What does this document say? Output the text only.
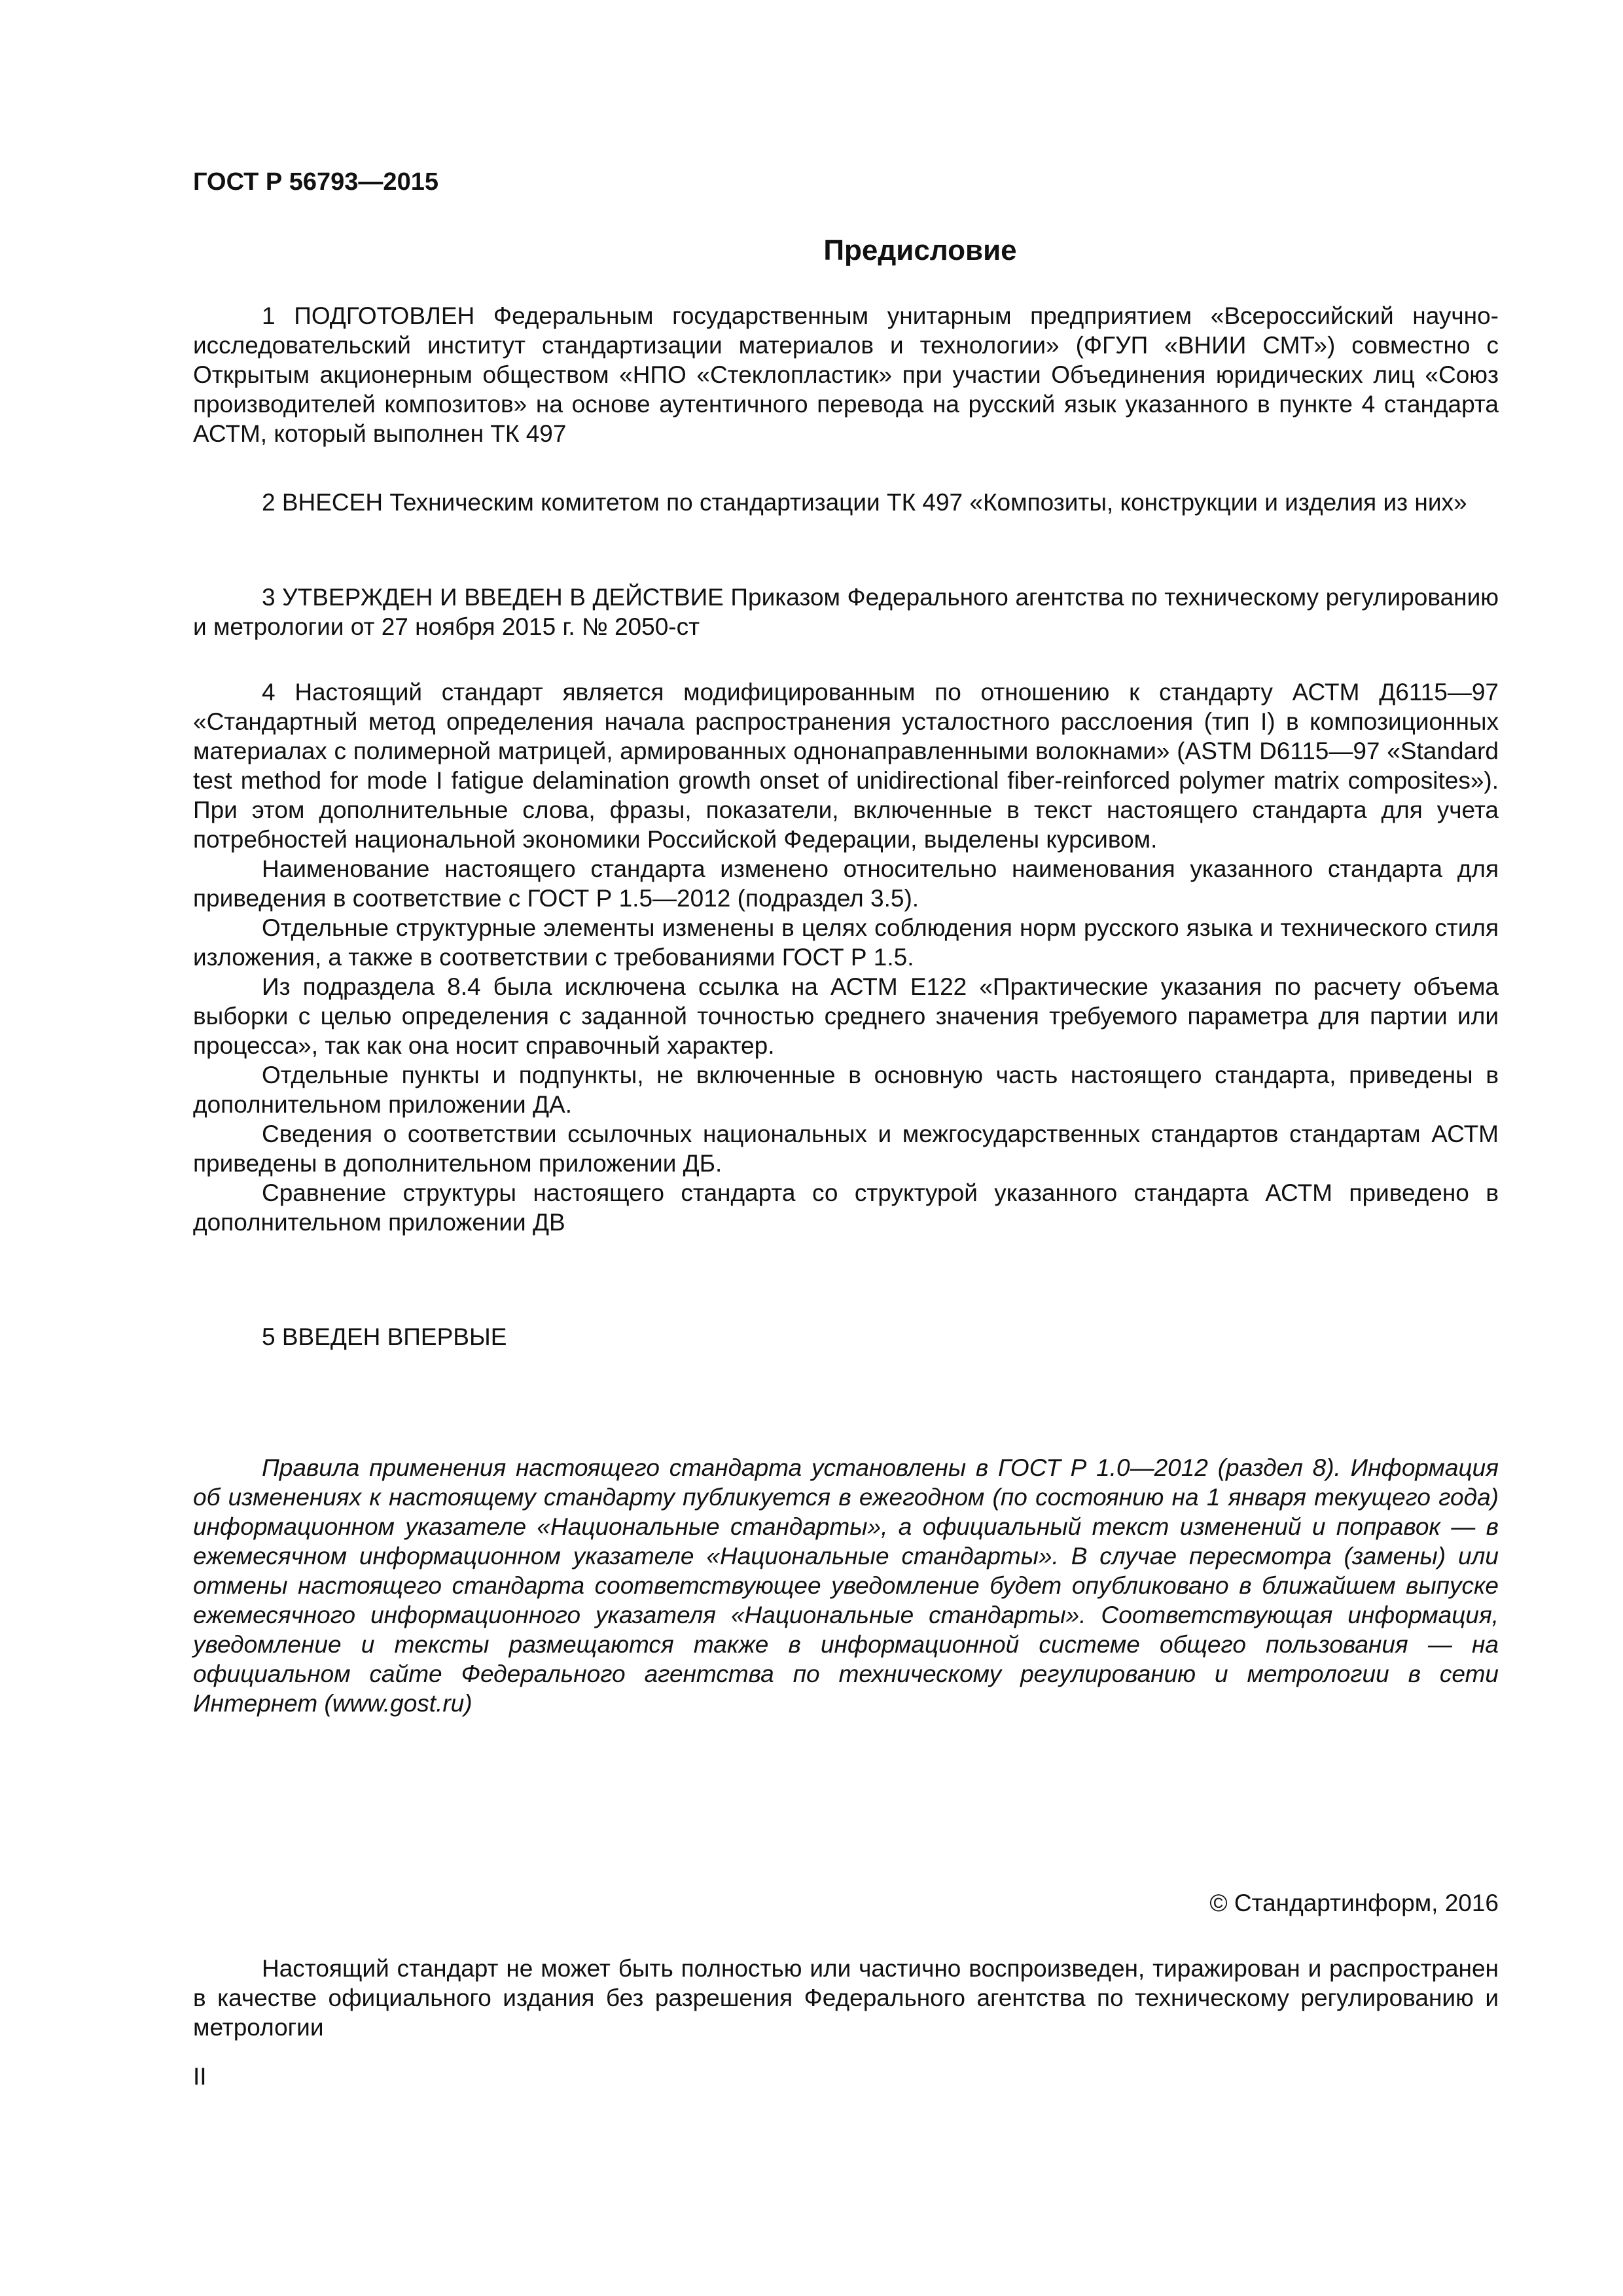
ГОСТ Р 56793—2015

Предисловие

1 ПОДГОТОВЛЕН Федеральным государственным унитарным предприятием «Всероссийский научно-исследовательский институт стандартизации материалов и технологии» (ФГУП «ВНИИ СМТ») совместно с Открытым акционерным обществом «НПО «Стеклопластик» при участии Объединения юридических лиц «Союз производителей композитов» на основе аутентичного перевода на русский язык указанного в пункте 4 стандарта АСТМ, который выполнен ТК 497

2 ВНЕСЕН Техническим комитетом по стандартизации ТК 497 «Композиты, конструкции и изделия из них»

3 УТВЕРЖДЕН И ВВЕДЕН В ДЕЙСТВИЕ Приказом Федерального агентства по техническому регулированию и метрологии от 27 ноября 2015 г. № 2050-ст

4 Настоящий стандарт является модифицированным по отношению к стандарту АСТМ Д6115—97 «Стандартный метод определения начала распространения усталостного расслоения (тип I) в композиционных материалах с полимерной матрицей, армированных однонаправленными волокнами» (ASTM D6115—97 «Standard test method for mode I fatigue delamination growth onset of unidirectional fiber-reinforced polymer matrix composites»). При этом дополнительные слова, фразы, показатели, включенные в текст настоящего стандарта для учета потребностей национальной экономики Российской Федерации, выделены курсивом.

Наименование настоящего стандарта изменено относительно наименования указанного стандарта для приведения в соответствие с ГОСТ Р 1.5—2012 (подраздел 3.5).

Отдельные структурные элементы изменены в целях соблюдения норм русского языка и технического стиля изложения, а также в соответствии с требованиями ГОСТ Р 1.5.

Из подраздела 8.4 была исключена ссылка на АСТМ Е122 «Практические указания по расчету объема выборки с целью определения с заданной точностью среднего значения требуемого параметра для партии или процесса», так как она носит справочный характер.

Отдельные пункты и подпункты, не включенные в основную часть настоящего стандарта, приведены в дополнительном приложении ДА.

Сведения о соответствии ссылочных национальных и межгосударственных стандартов стандартам АСТМ приведены в дополнительном приложении ДБ.

Сравнение структуры настоящего стандарта со структурой указанного стандарта АСТМ приведено в дополнительном приложении ДВ

5 ВВЕДЕН ВПЕРВЫЕ

Правила применения настоящего стандарта установлены в ГОСТ Р 1.0—2012 (раздел 8). Информация об изменениях к настоящему стандарту публикуется в ежегодном (по состоянию на 1 января текущего года) информационном указателе «Национальные стандарты», а официальный текст изменений и поправок — в ежемесячном информационном указателе «Национальные стандарты». В случае пересмотра (замены) или отмены настоящего стандарта соответствующее уведомление будет опубликовано в ближайшем выпуске ежемесячного информационного указателя «Национальные стандарты». Соответствующая информация, уведомление и тексты размещаются также в информационной системе общего пользования — на официальном сайте Федерального агентства по техническому регулированию и метрологии в сети Интернет (www.gost.ru)

© Стандартинформ, 2016

Настоящий стандарт не может быть полностью или частично воспроизведен, тиражирован и распространен в качестве официального издания без разрешения Федерального агентства по техническому регулированию и метрологии

II
